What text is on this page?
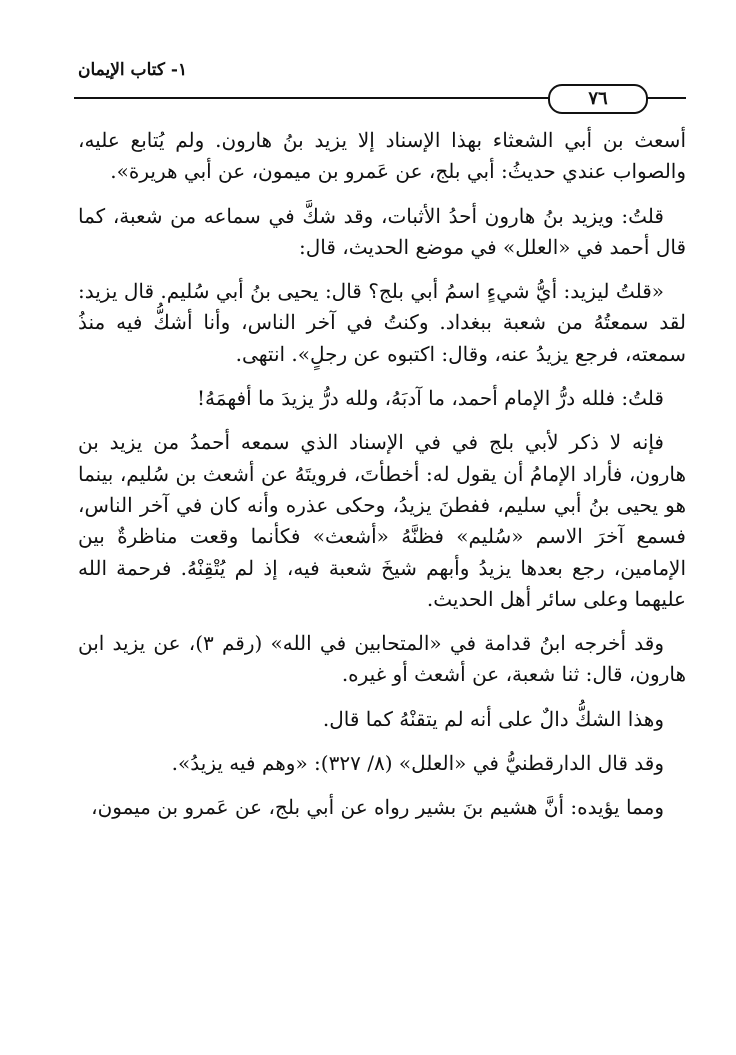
١- كتاب الإيمان
٧٦

أسعث بن أبي الشعثاء بهذا الإسناد إلا يزيد بنُ هارون. ولم يُتابع عليه، والصواب عندي حديثُ: أبي بلج، عن عَمرو بن ميمون، عن أبي هريرة».

قلتُ: ويزيد بنُ هارون أحدُ الأثبات، وقد شكَّ في سماعه من شعبة، كما قال أحمد في «العلل» في موضع الحديث، قال:

«قلتُ ليزيد: أيُّ شيءٍ اسمُ أبي بلج؟ قال: يحيى بنُ أبي سُليم. قال يزيد: لقد سمعتُهُ من شعبة ببغداد. وكنتُ في آخر الناس، وأنا أشكُّ فيه منذُ سمعته، فرجع يزيدُ عنه، وقال: اكتبوه عن رجلٍ». انتهى.

قلتُ: فلله درُّ الإمام أحمد، ما آدبَهُ، ولله درُّ يزيدَ ما أفهمَهُ!

فإنه لا ذكر لأبي بلج في في الإسناد الذي سمعه أحمدُ من يزيد بن هارون، فأراد الإمامُ أن يقول له: أخطأتَ، فرويتَهُ عن أشعث بن سُليم، بينما هو يحيى بنُ أبي سليم، ففطنَ يزيدُ، وحكى عذره وأنه كان في آخر الناس، فسمع آخرَ الاسم «سُليم» فظنَّهُ «أشعث» فكأنما وقعت مناظرةٌ بين الإمامين، رجع بعدها يزيدُ وأبهم شيخَ شعبة فيه، إذ لم يُتْقِنْهُ. فرحمة الله عليهما وعلى سائر أهل الحديث.

وقد أخرجه ابنُ قدامة في «المتحابين في الله» (رقم ٣)، عن يزيد ابن هارون، قال: ثنا شعبة، عن أشعث أو غيره.

وهذا الشكُّ دالٌ على أنه لم يتقنْهُ كما قال.

وقد قال الدارقطنيُّ في «العلل» (٨/ ٣٢٧): «وهم فيه يزيدُ».

ومما يؤيده: أنَّ هشيم بنَ بشير رواه عن أبي بلج، عن عَمرو بن ميمون،
